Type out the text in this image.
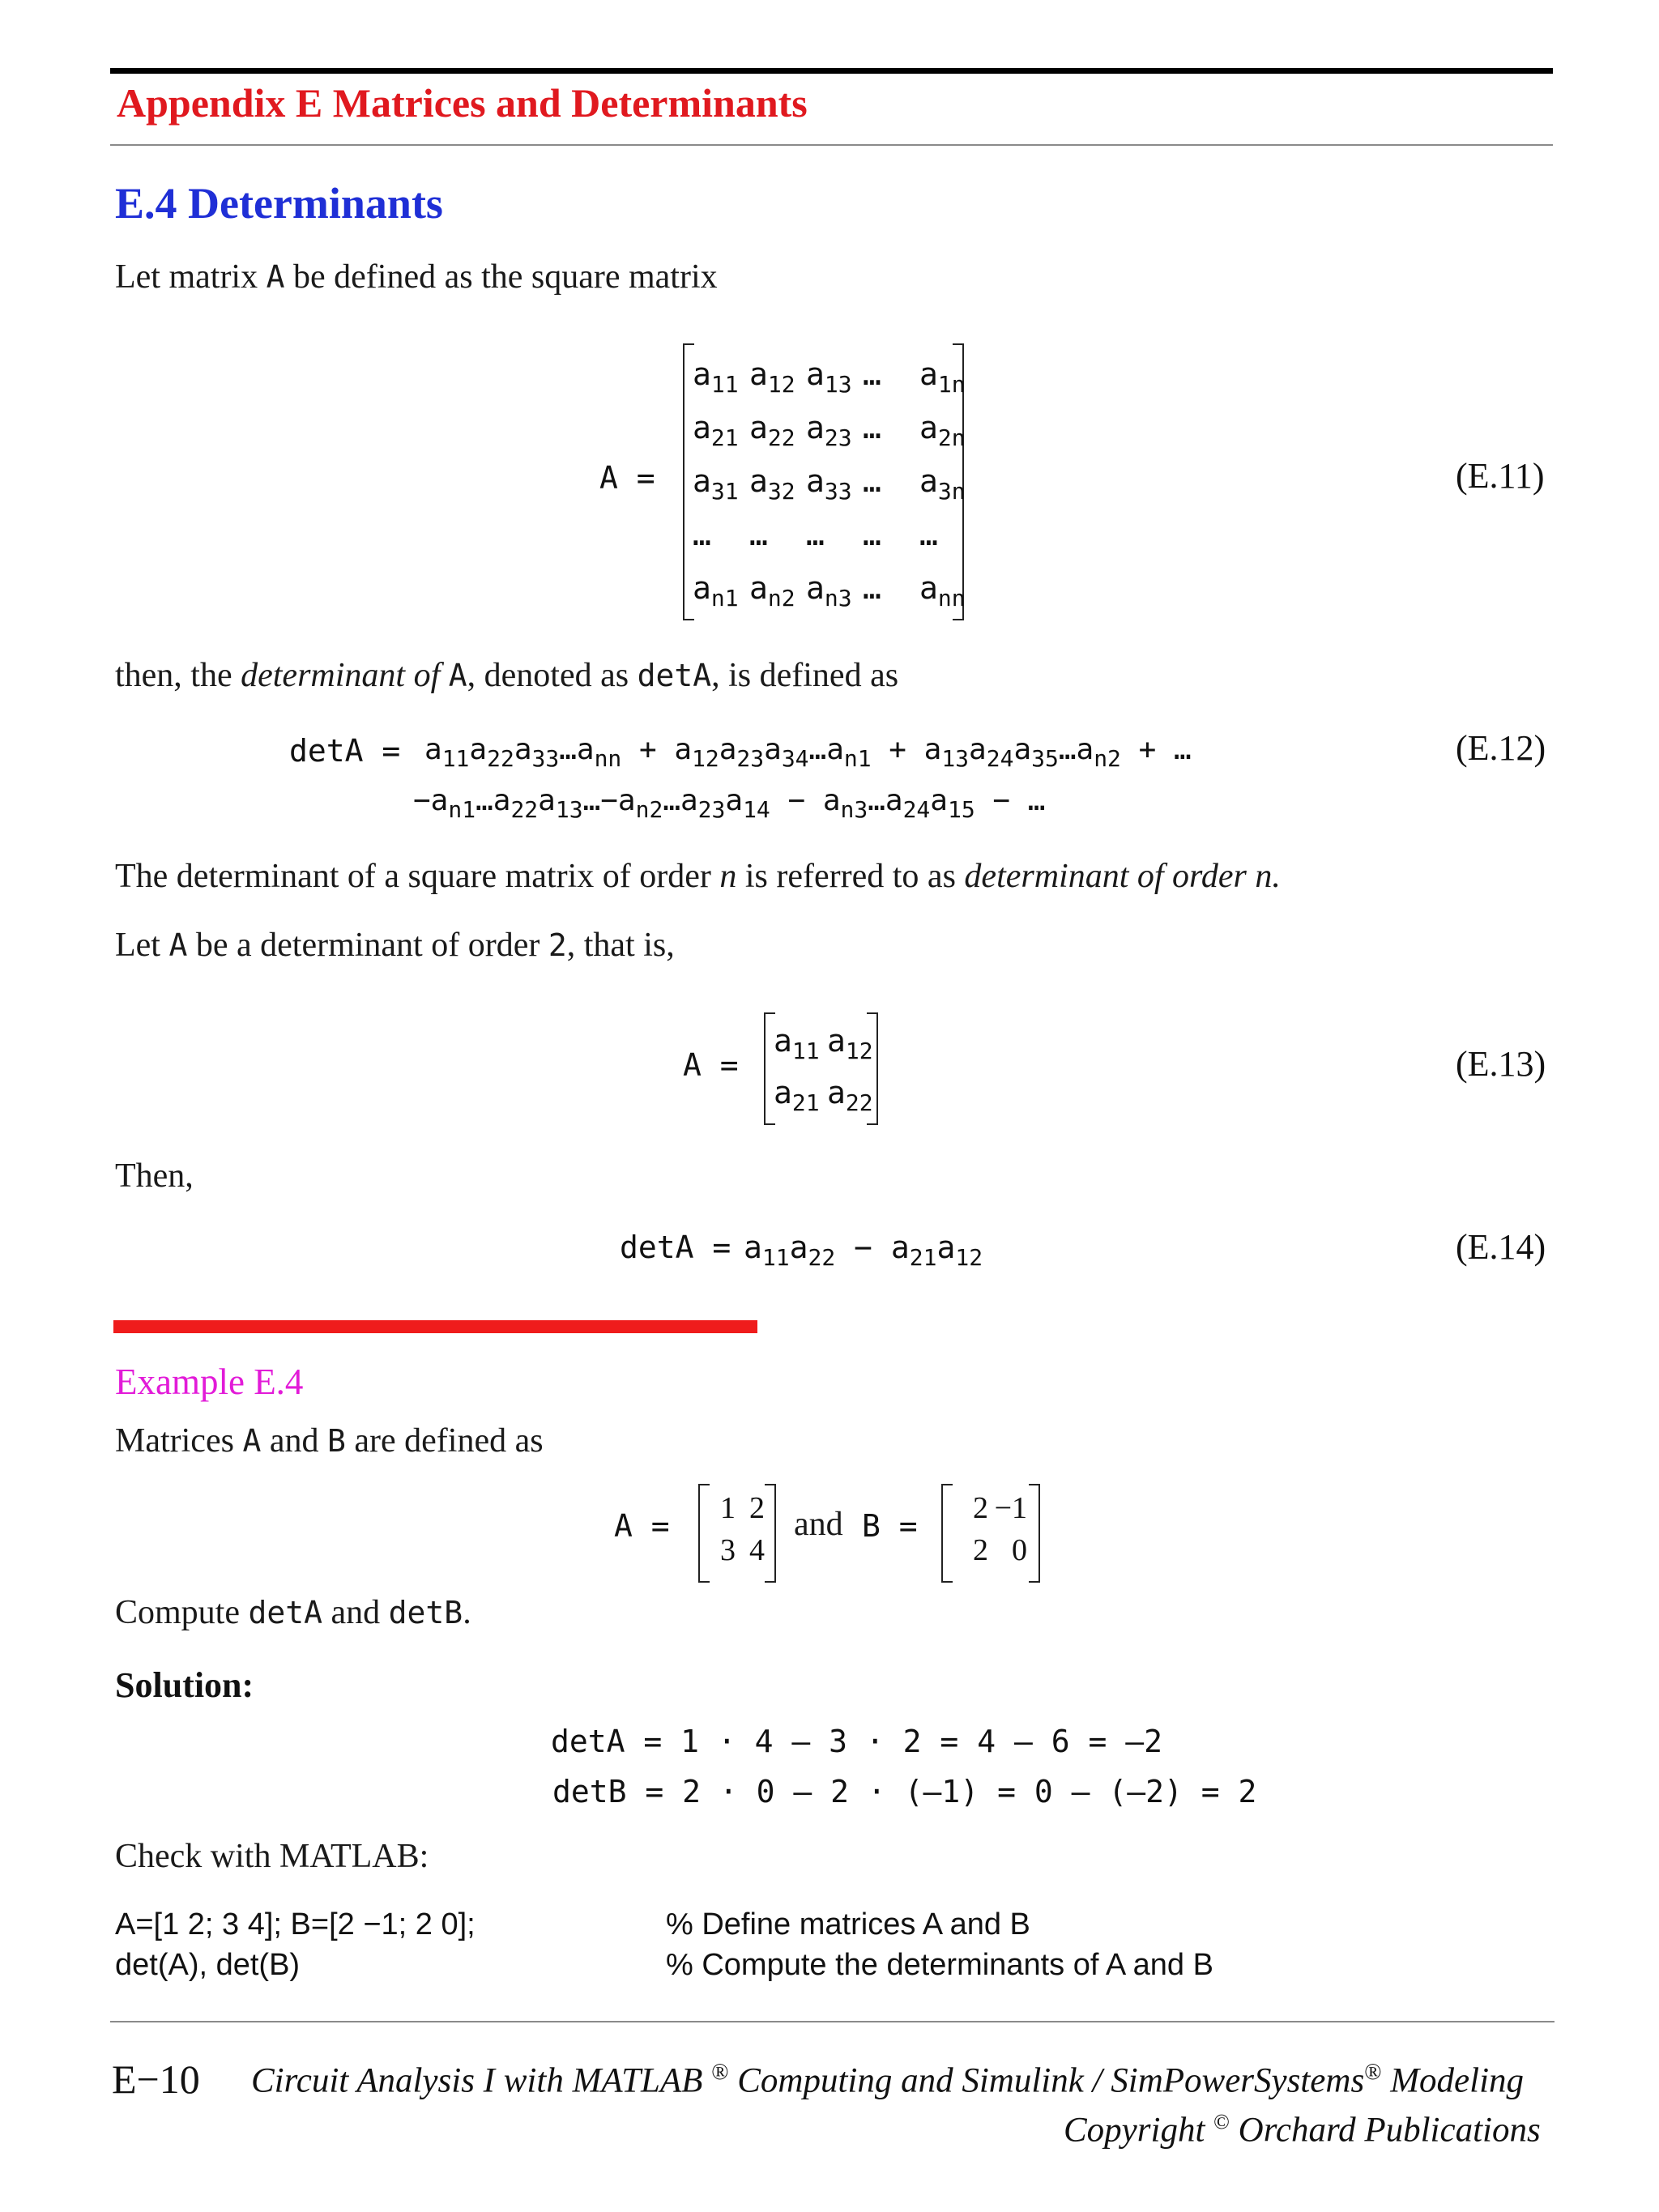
Appendix E Matrices and Determinants
E.4 Determinants
Let matrix A be defined as the square matrix
A =
$a_{11}$ $a_{12}$ $a_{13}$ … $a_{1n}$
$a_{21}$ $a_{22}$ $a_{23}$ … $a_{2n}$
$a_{31}$ $a_{32}$ $a_{33}$ … $a_{3n}$
… … … … …
$a_{n1}$ $a_{n2}$ $a_{n3}$ … $a_{nn}$
(E.11)
then, the determinant of A, denoted as detA, is defined as
$\det A = a_{11}a_{22}a_{33}\dots a_{nn}$ + $a_{12}a_{23}a_{34}\dots a_{n1}$ + $a_{13}a_{24}a_{35}\dots a_{n2}$ + …
$-a_{n1}\dots a_{22}a_{13}\dots-a_{n2}\dots a_{23}a_{14}$ − $a_{n3}\dots a_{24}a_{15}$ − …
(E.12)
The determinant of a square matrix of order n is referred to as determinant of order n.
Let A be a determinant of order 2, that is,
A =
$a_{11}$ $a_{12}$
$a_{21}$ $a_{22}$
(E.13)
Then,
$\det A = a_{11}a_{22} - a_{21}a_{12}$	(E.14)
Example E.4
Matrices A and B are defined as
A =	1 2
3 4
and B =	2 −1
2 0
Compute detA and detB.
Solution:
detA = 1 · 4 – 3 · 2 = 4 – 6 = –2
detB = 2 · 0 – 2 · (–1) = 0 – (–2) = 2
Check with MATLAB:
A=[1 2; 3 4]; B=[2 −1; 2 0];	% Define matrices A and B
det(A), det(B)	% Compute the determinants of A and B
E−10 Circuit Analysis I with MATLAB ® Computing and Simulink / SimPowerSystems® Modeling
Copyright © Orchard Publications
